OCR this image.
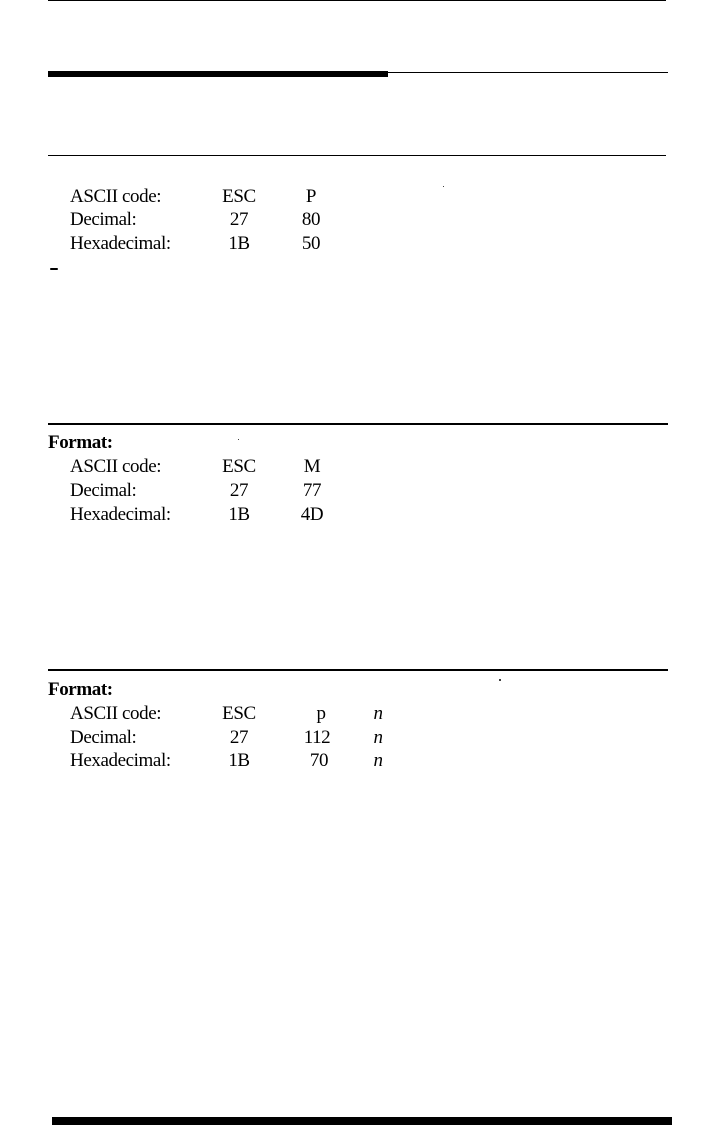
ASCII code:	ESC	P
Decimal:	27	80
Hexadecimal:	1B	50
Format:
ASCII code:	ESC	M
Decimal:	27	77
Hexadecimal:	1B	4D
Format:
ASCII code:	ESC	p	n
Decimal:	27	112	n
Hexadecimal:	1B	70	n
